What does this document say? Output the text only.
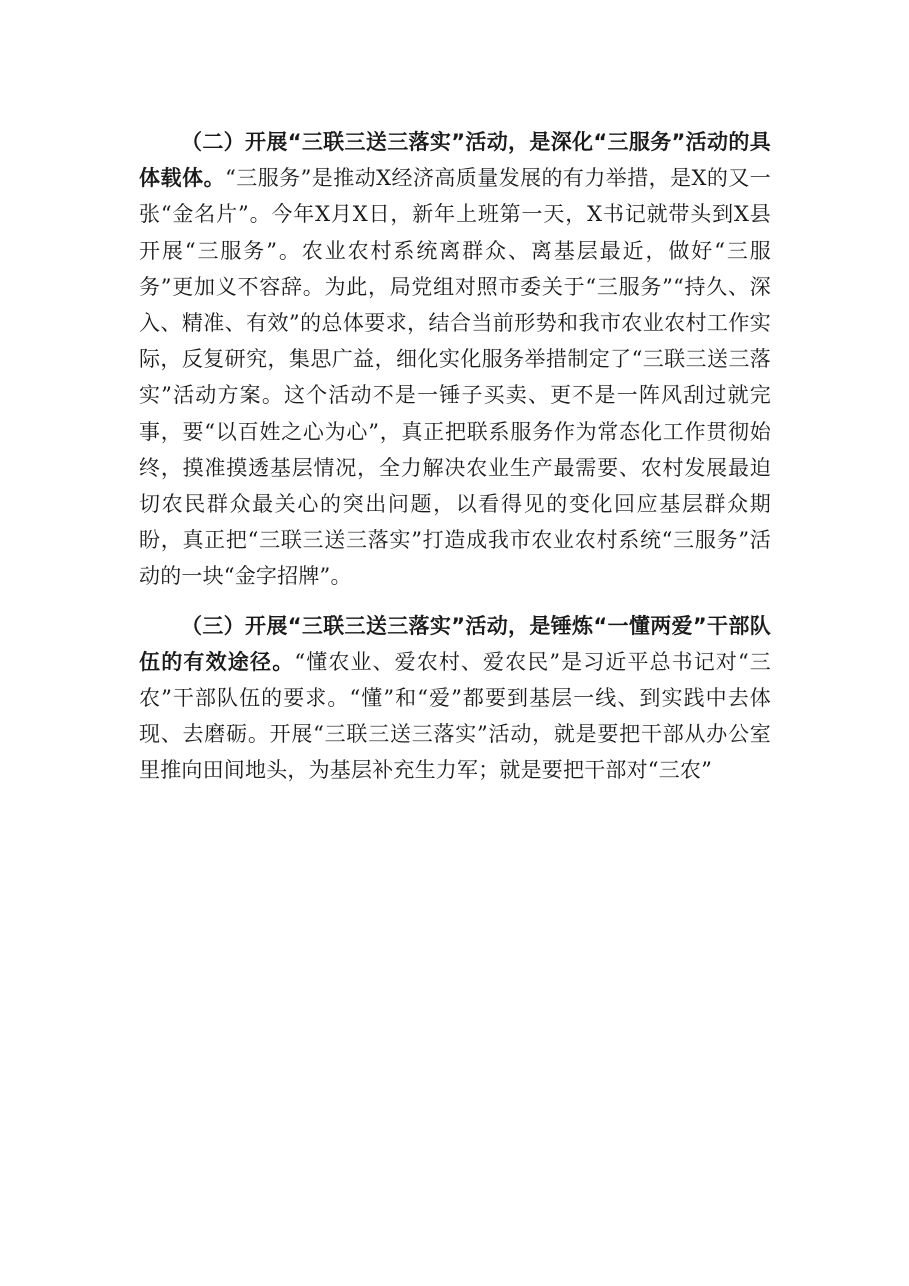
（二）开展“三联三送三落实”活动，是深化“三服务”活动的具体载体。“三服务”是推动X经济高质量发展的有力举措，是X的又一张“金名片”。今年X月X日，新年上班第一天，X书记就带头到X县开展“三服务”。农业农村系统离群众、离基层最近，做好“三服务”更加义不容辞。为此，局党组对照市委关于“三服务”“持久、深入、精准、有效”的总体要求，结合当前形势和我市农业农村工作实际，反复研究，集思广益，细化实化服务举措制定了“三联三送三落实”活动方案。这个活动不是一锤子买卖、更不是一阵风刮过就完事，要“以百姓之心为心”，真正把联系服务作为常态化工作贯彻始终，摸准摸透基层情况，全力解决农业生产最需要、农村发展最迫切农民群众最关心的突出问题，以看得见的变化回应基层群众期盼，真正把“三联三送三落实”打造成我市农业农村系统“三服务”活动的一块“金字招牌”。

（三）开展“三联三送三落实”活动，是锤炼“一懂两爱”干部队伍的有效途径。“懂农业、爱农村、爱农民”是习近平总书记对“三农”干部队伍的要求。“懂”和“爱”都要到基层一线、到实践中去体现、去磨砺。开展“三联三送三落实”活动，就是要把干部从办公室里推向田间地头，为基层补充生力军；就是要把干部对“三农”
